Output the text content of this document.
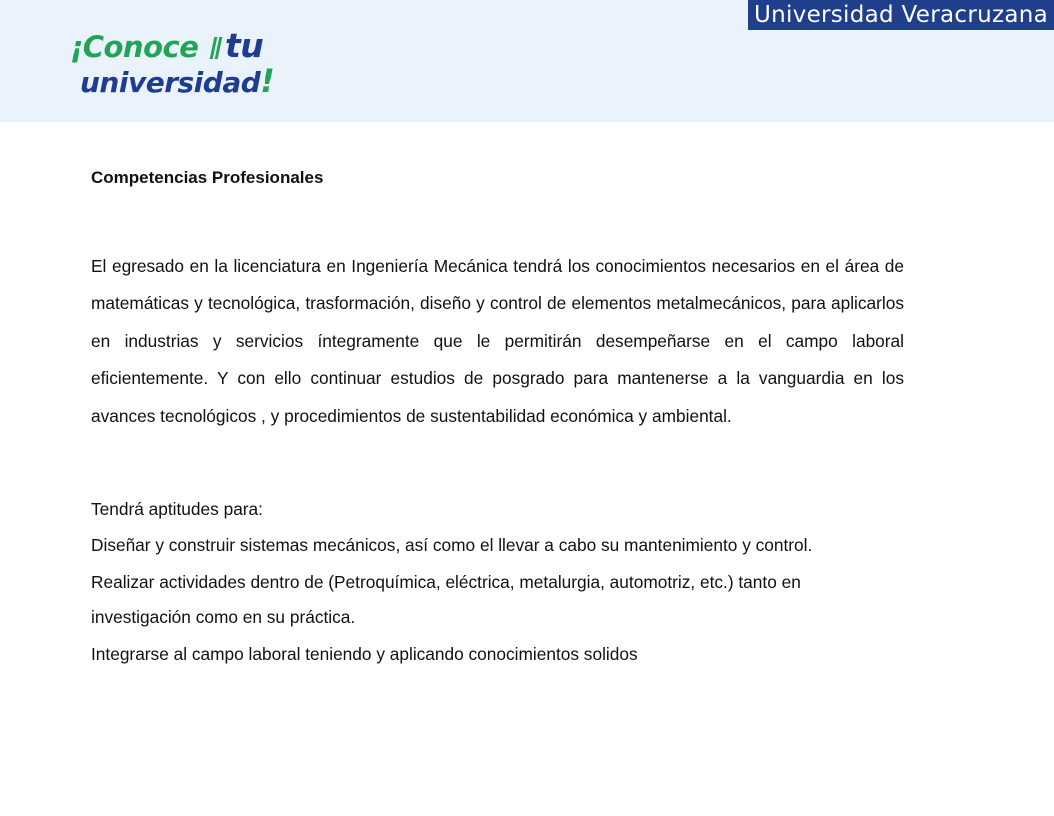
¡Conoce
tu
universidad!
Universidad Veracruzana
Competencias Profesionales

El egresado en la licenciatura en Ingeniería Mecánica tendrá los conocimientos necesarios en el área de matemáticas y tecnológica, trasformación, diseño y control de elementos metalmecánicos, para aplicarlos en industrias y servicios íntegramente que le permitirán desempeñarse en el campo laboral eficientemente. Y con ello continuar estudios de posgrado para mantenerse a la vanguardia en los avances tecnológicos , y procedimientos de sustentabilidad económica y ambiental.

Tendrá aptitudes para:

Diseñar y construir sistemas mecánicos, así como el llevar a cabo su mantenimiento y control.

Realizar actividades dentro de (Petroquímica, eléctrica, metalurgia, automotriz, etc.) tanto en investigación como en su práctica.

Integrarse al campo laboral teniendo y aplicando conocimientos solidos
